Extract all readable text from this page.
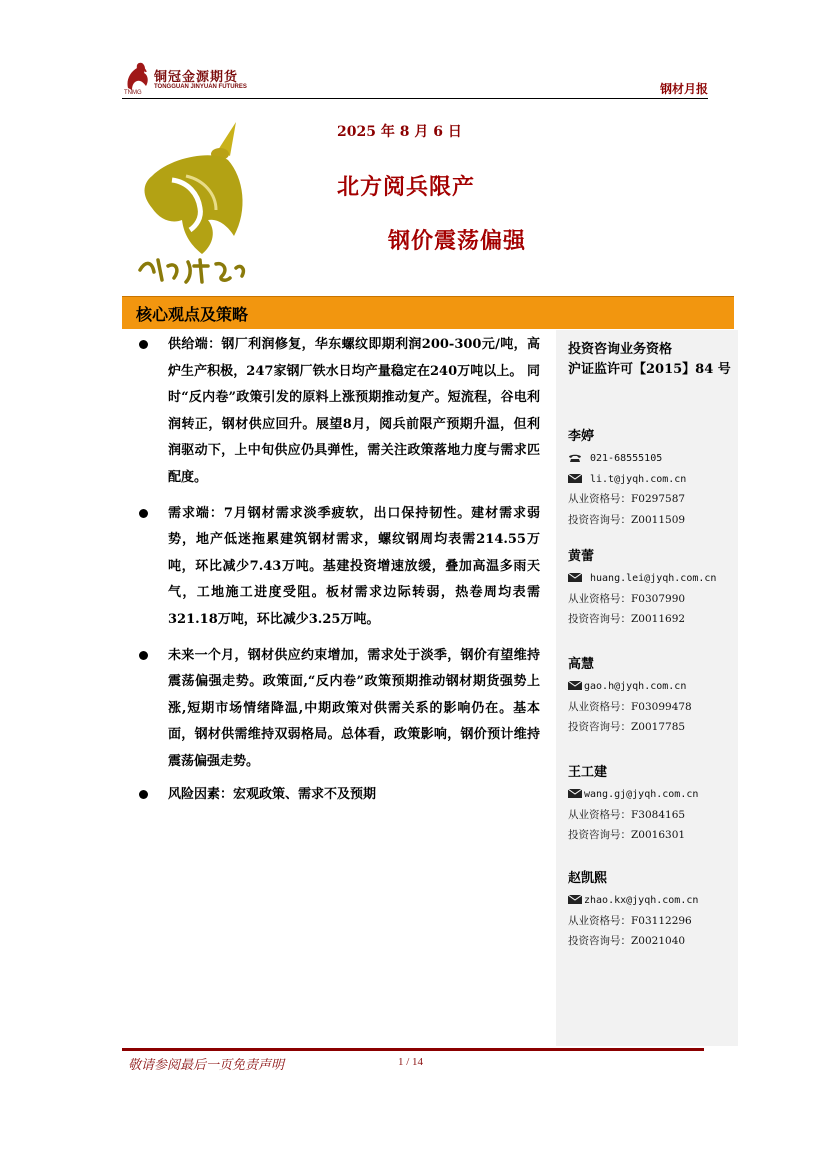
铜冠金源期货
TONGGUAN JINYUAN FUTURES
TNMG	钢材月报
2025 年 8 月 6 日
北方阅兵限产
钢价震荡偏强
核心观点及策略

供给端：钢厂利润修复，华东螺纹即期利润200-300元/吨，高炉生产积极，247家钢厂铁水日均产量稳定在240万吨以上。 同时“反内卷”政策引发的原料上涨预期推动复产。短流程，谷电利润转正，钢材供应回升。展望8月，阅兵前限产预期升温，但利润驱动下，上中旬供应仍具弹性，需关注政策落地力度与需求匹配度。

需求端：7月钢材需求淡季疲软，出口保持韧性。建材需求弱势，地产低迷拖累建筑钢材需求，螺纹钢周均表需214.55万吨，环比减少7.43万吨。基建投资增速放缓，叠加高温多雨天气，工地施工进度受阻。板材需求边际转弱，热卷周均表需321.18万吨，环比减少3.25万吨。

未来一个月，钢材供应约束增加，需求处于淡季，钢价有望维持震荡偏强走势。政策面,“反内卷”政策预期推动钢材期货强势上涨,短期市场情绪降温,中期政策对供需关系的影响仍在。基本面，钢材供需维持双弱格局。总体看，政策影响，钢价预计维持震荡偏强走势。

风险因素：宏观政策、需求不及预期

投资咨询业务资格
沪证监许可【2015】84 号
李婷
021-68555105
li.t@jyqh.com.cn
从业资格号：F0297587
投资咨询号：Z0011509
黄蕾
huang.lei@jyqh.com.cn
从业资格号：F0307990
投资咨询号：Z0011692
高慧
gao.h@jyqh.com.cn
从业资格号：F03099478
投资咨询号：Z0017785
王工建
wang.gj@jyqh.com.cn
从业资格号：F3084165
投资咨询号：Z0016301
赵凯熙
zhao.kx@jyqh.com.cn
从业资格号：F03112296
投资咨询号：Z0021040
敬请参阅最后一页免责声明	1 / 14
